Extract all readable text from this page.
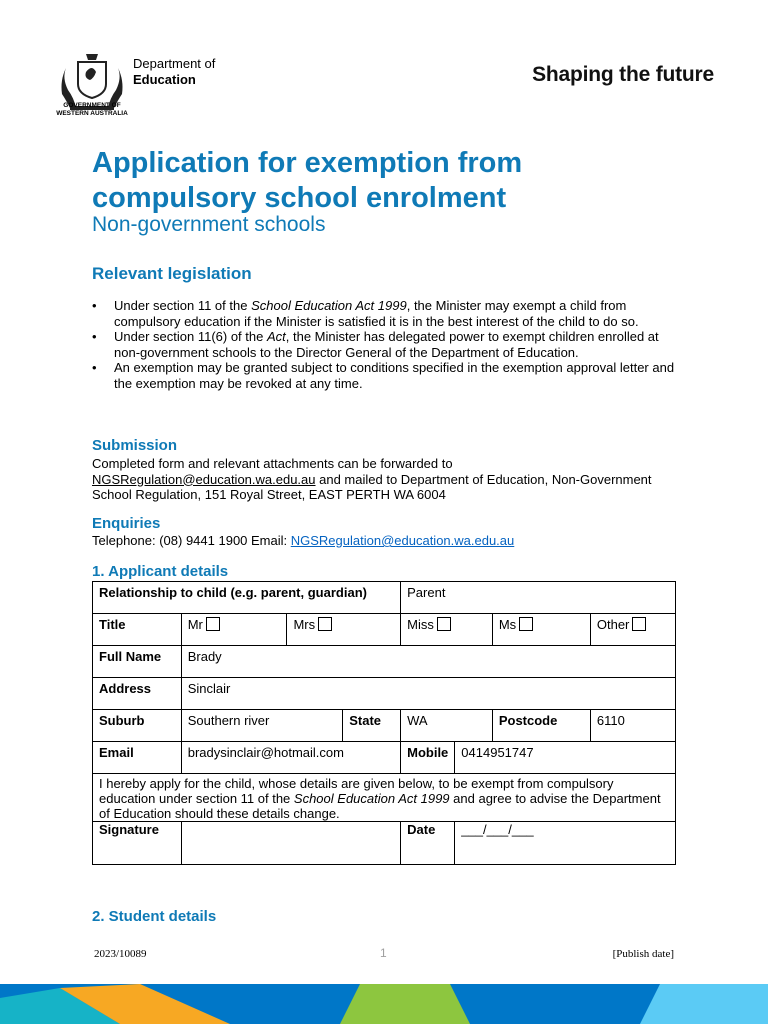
Department of
Education
GOVERNMENT OF
WESTERN AUSTRALIA
Shaping the future
Application for exemption from compulsory school enrolment
Non-government schools
Relevant legislation
• Under section 11 of the School Education Act 1999, the Minister may exempt a child from compulsory education if the Minister is satisfied it is in the best interest of the child to do so.
• Under section 11(6) of the Act, the Minister has delegated power to exempt children enrolled at non-government schools to the Director General of the Department of Education.
• An exemption may be granted subject to conditions specified in the exemption approval letter and the exemption may be revoked at any time.
Submission
Completed form and relevant attachments can be forwarded to
NGSRegulation@education.wa.edu.au and mailed to Department of Education, Non-Government School Regulation, 151 Royal Street, EAST PERTH WA 6004
Enquiries
Telephone: (08) 9441 1900 Email: NGSRegulation@education.wa.edu.au
1. Applicant details
Relationship to child (e.g. parent, guardian)				Parent			
Title	Mr	Mrs		Miss		Ms	Other
Full Name	Brady						
Address	Sinclair						
Suburb	Southern river		State	WA		Postcode	6110
Email	bradysinclair@hotmail.com			Mobile	0414951747		
I hereby apply for the child, whose details are given below, to be exempt from compulsory education under section 11 of the School Education Act 1999 and agree to advise the Department of Education should these details change.							
Signature				Date	___/___/___		
2. Student details
2023/10089	1	[Publish date]
